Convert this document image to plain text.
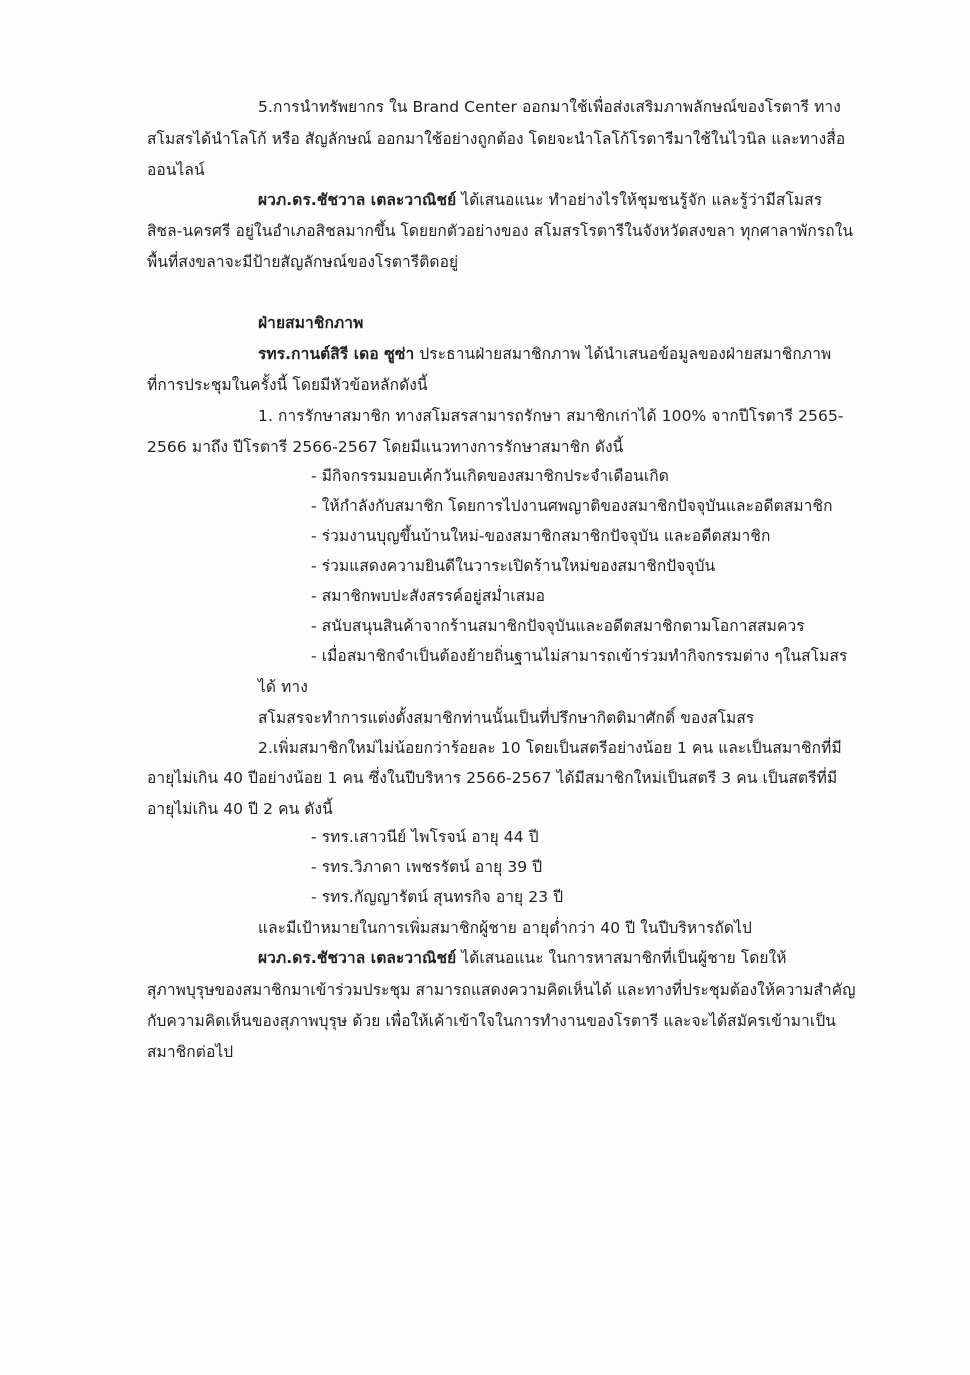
5.การนำทรัพยากร ใน Brand Center ออกมาใช้เพื่อส่งเสริมภาพลักษณ์ของโรตารี ทาง
สโมสรได้นำโลโก้ หรือ สัญลักษณ์ ออกมาใช้อย่างถูกต้อง โดยจะนำโลโก้โรตารีมาใช้ในไวนิล และทางสื่อ
ออนไลน์
ผวภ.ดร.ชัชวาล เตละวาณิชย์ ได้เสนอแนะ ทำอย่างไรให้ชุมชนรู้จัก และรู้ว่ามีสโมสร
สิชล-นครศรี อยู่ในอำเภอสิชลมากขึ้น โดยยกตัวอย่างของ สโมสรโรตารีในจังหวัดสงขลา ทุกศาลาพักรถใน
พื้นที่สงขลาจะมีป้ายสัญลักษณ์ของโรตารีติดอยู่
ฝ่ายสมาชิกภาพ
รทร.กานต์สิรี เดอ ซูซ่า ประธานฝ่ายสมาชิกภาพ ได้นำเสนอข้อมูลของฝ่ายสมาชิกภาพ
ที่การประชุมในครั้งนี้ โดยมีหัวข้อหลักดังนี้
1. การรักษาสมาชิก ทางสโมสรสามารถรักษา สมาชิกเก่าได้ 100% จากปีโรตารี 2565-
2566 มาถึง ปีโรตารี 2566-2567 โดยมีแนวทางการรักษาสมาชิก ดังนี้
- มีกิจกรรมมอบเค้กวันเกิดของสมาชิกประจำเดือนเกิด
- ให้กำลังกับสมาชิก โดยการไปงานศพญาติของสมาชิกปัจจุบันและอดีตสมาชิก
- ร่วมงานบุญขึ้นบ้านใหม่-ของสมาชิกสมาชิกปัจจุบัน และอดีตสมาชิก
- ร่วมแสดงความยินดีในวาระเปิดร้านใหม่ของสมาชิกปัจจุบัน
- สมาชิกพบปะสังสรรค์อยู่สม่ำเสมอ
- สนับสนุนสินค้าจากร้านสมาชิกปัจจุบันและอดีตสมาชิกตามโอกาสสมควร
- เมื่อสมาชิกจำเป็นต้องย้ายถิ่นฐานไม่สามารถเข้าร่วมทำกิจกรรมต่าง ๆในสโมสร
ได้ ทาง
สโมสรจะทำการแต่งตั้งสมาชิกท่านนั้นเป็นที่ปรึกษากิตติมาศักดิ์ ของสโมสร
2.เพิ่มสมาชิกใหม่ไม่น้อยกว่าร้อยละ 10 โดยเป็นสตรีอย่างน้อย 1 คน และเป็นสมาชิกที่มี
อายุไม่เกิน 40 ปีอย่างน้อย 1 คน ซึ่งในปีบริหาร 2566-2567 ได้มีสมาชิกใหม่เป็นสตรี 3 คน เป็นสตรีที่มี
อายุไม่เกิน 40 ปี 2 คน ดังนี้
- รทร.เสาวนีย์ ไพโรจน์ อายุ 44 ปี
- รทร.วิภาดา เพชรรัตน์ อายุ 39 ปี
- รทร.กัญญารัตน์ สุนทรกิจ อายุ 23 ปี
และมีเป้าหมายในการเพิ่มสมาชิกผู้ชาย อายุต่ำกว่า 40 ปี ในปีบริหารถัดไป
ผวภ.ดร.ชัชวาล เตละวาณิชย์ ได้เสนอแนะ ในการหาสมาชิกที่เป็นผู้ชาย โดยให้
สุภาพบุรุษของสมาชิกมาเข้าร่วมประชุม สามารถแสดงความคิดเห็นได้ และทางที่ประชุมต้องให้ความสำคัญ
กับความคิดเห็นของสุภาพบุรุษ ด้วย เพื่อให้เค้าเข้าใจในการทำงานของโรตารี และจะได้สมัครเข้ามาเป็น
สมาชิกต่อไป
